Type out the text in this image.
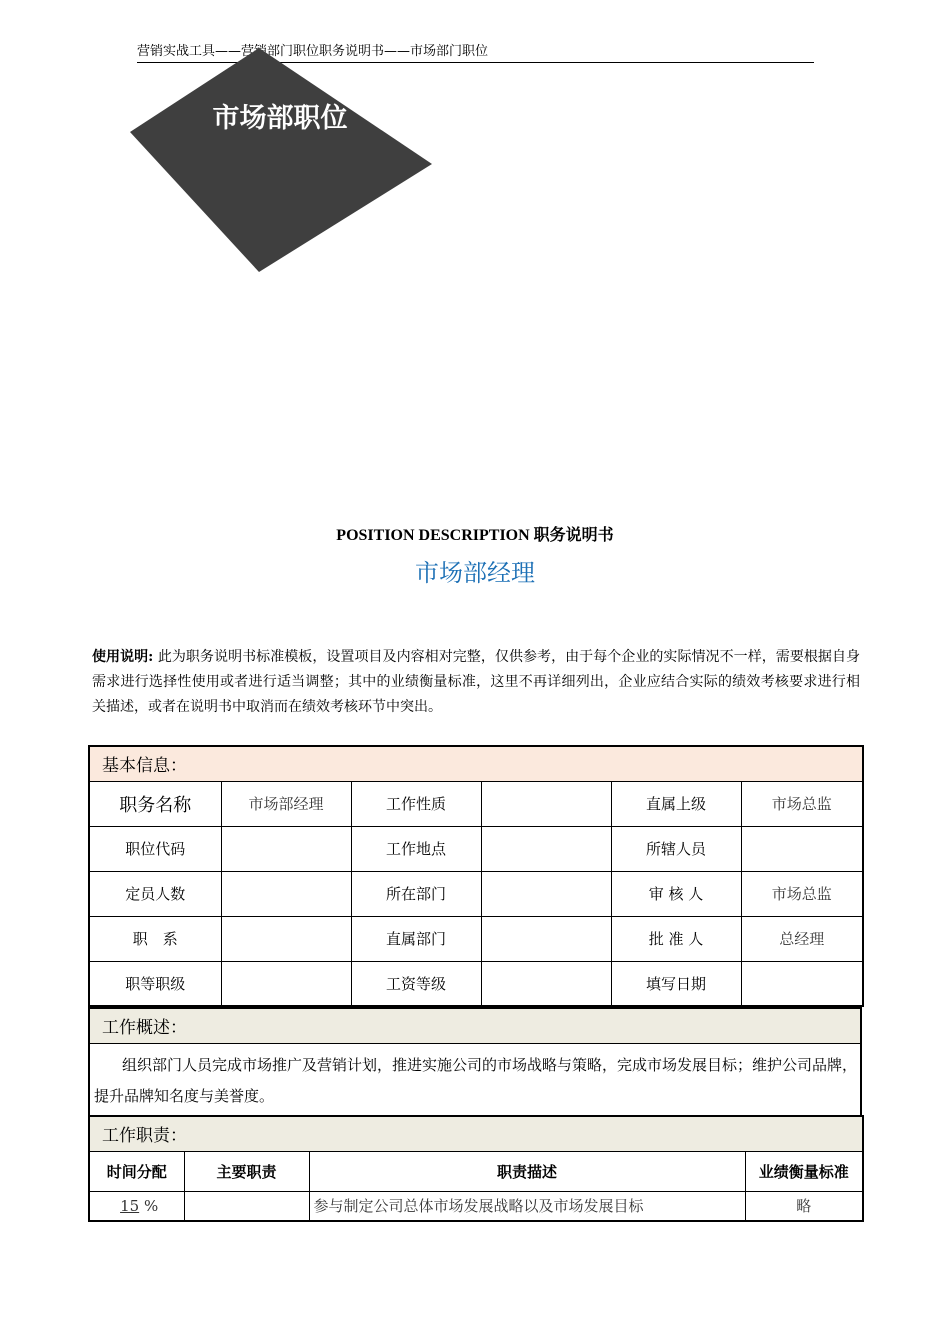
营销实战工具——营销部门职位职务说明书——市场部门职位
市场部职位
POSITION DESCRIPTION 职务说明书
市场部经理
使用说明: 此为职务说明书标准模板，设置项目及内容相对完整，仅供参考，由于每个企业的实际情况不一样，需要根据自身需求进行选择性使用或者进行适当调整；其中的业绩衡量标准，这里不再详细列出，企业应结合实际的绩效考核要求进行相关描述，或者在说明书中取消而在绩效考核环节中突出。
基本信息：					
职务名称	市场部经理	工作性质		直属上级	市场总监
职位代码		工作地点		所辖人员	
定员人数		所在部门		审 核 人	市场总监
职　系		直属部门		批 准 人	总经理
职等职级		工资等级		填写日期	
工作概述：
组织部门人员完成市场推广及营销计划，推进实施公司的市场战略与策略，完成市场发展目标；维护公司品牌，提升品牌知名度与美誉度。
工作职责：			
时间分配	主要职责	职责描述	业绩衡量标准
15 %		参与制定公司总体市场发展战略以及市场发展目标	略
